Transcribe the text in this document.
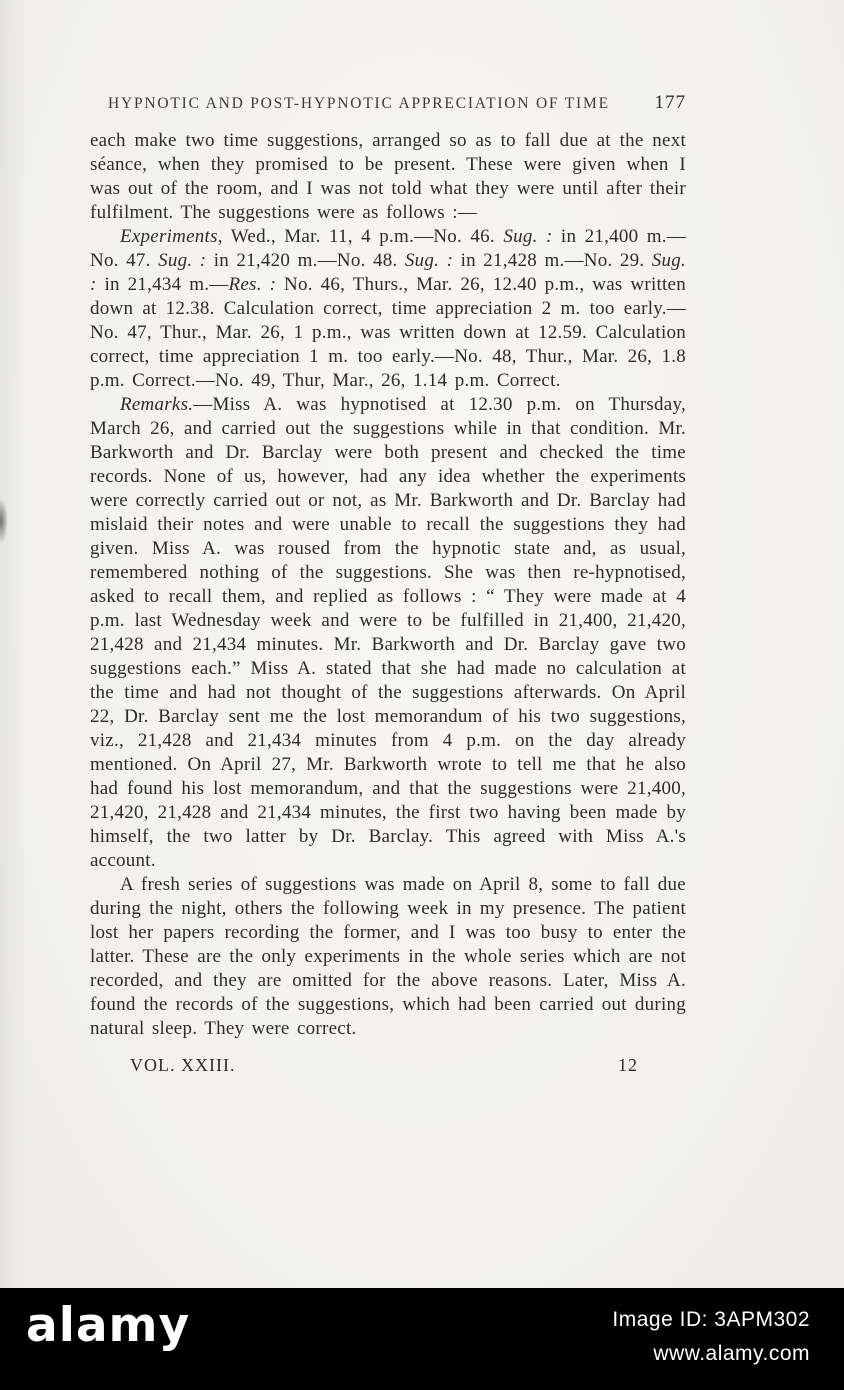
HYPNOTIC AND POST-HYPNOTIC APPRECIATION OF TIME 177

each make two time suggestions, arranged so as to fall due at the next séance, when they promised to be present. These were given when I was out of the room, and I was not told what they were until after their fulfilment. The suggestions were as follows :—

Experiments, Wed., Mar. 11, 4 p.m.—No. 46. Sug. : in 21,400 m.—No. 47. Sug. : in 21,420 m.—No. 48. Sug. : in 21,428 m.—No. 29. Sug. : in 21,434 m.—Res. : No. 46, Thurs., Mar. 26, 12.40 p.m., was written down at 12.38. Calculation correct, time appreciation 2 m. too early.—No. 47, Thur., Mar. 26, 1 p.m., was written down at 12.59. Calculation correct, time appreciation 1 m. too early.—No. 48, Thur., Mar. 26, 1.8 p.m. Correct.—No. 49, Thur, Mar., 26, 1.14 p.m. Correct.

Remarks.—Miss A. was hypnotised at 12.30 p.m. on Thursday, March 26, and carried out the suggestions while in that condition. Mr. Barkworth and Dr. Barclay were both present and checked the time records. None of us, however, had any idea whether the experiments were correctly carried out or not, as Mr. Barkworth and Dr. Barclay had mislaid their notes and were unable to recall the suggestions they had given. Miss A. was roused from the hypnotic state and, as usual, remembered nothing of the suggestions. She was then re-hypnotised, asked to recall them, and replied as follows : “ They were made at 4 p.m. last Wednesday week and were to be fulfilled in 21,400, 21,420, 21,428 and 21,434 minutes. Mr. Barkworth and Dr. Barclay gave two suggestions each.” Miss A. stated that she had made no calculation at the time and had not thought of the suggestions afterwards. On April 22, Dr. Barclay sent me the lost memorandum of his two suggestions, viz., 21,428 and 21,434 minutes from 4 p.m. on the day already mentioned. On April 27, Mr. Barkworth wrote to tell me that he also had found his lost memorandum, and that the suggestions were 21,400, 21,420, 21,428 and 21,434 minutes, the first two having been made by himself, the two latter by Dr. Barclay. This agreed with Miss A.'s account.

A fresh series of suggestions was made on April 8, some to fall due during the night, others the following week in my presence. The patient lost her papers recording the former, and I was too busy to enter the latter. These are the only experiments in the whole series which are not recorded, and they are omitted for the above reasons. Later, Miss A. found the records of the suggestions, which had been carried out during natural sleep. They were correct.

VOL. XXIII.	12
alamy	Image ID: 3APM302
www.alamy.com
